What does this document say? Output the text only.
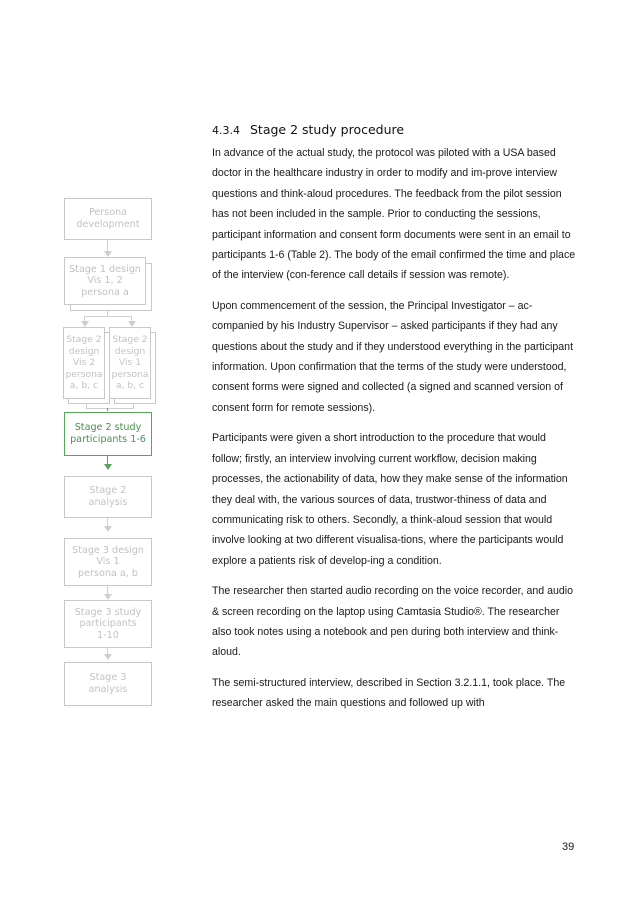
Persona
development
Stage 1 design
Vis 1, 2
persona a
Stage 2
design
Vis 2
persona
a, b, c
Stage 2
design
Vis 1
persona
a, b, c
Stage 2 study
participants 1-6
Stage 2
analysis
Stage 3 design
Vis 1
persona a, b
Stage 3 study
participants
1-10
Stage 3
analysis
4.3.4 Stage 2 study procedure

In advance of the actual study, the protocol was piloted with a USA based doctor in the healthcare industry in order to modify and im-prove interview questions and think-aloud procedures. The feedback from the pilot session has not been included in the sample. Prior to conducting the sessions, participant information and consent form documents were sent in an email to participants 1-6 (Table 2). The body of the email confirmed the time and place of the interview (con-ference call details if session was remote).

Upon commencement of the session, the Principal Investigator – ac-companied by his Industry Supervisor – asked participants if they had any questions about the study and if they understood everything in the participant information. Upon confirmation that the terms of the study were understood, consent forms were signed and collected (a signed and scanned version of consent form for remote sessions).

Participants were given a short introduction to the procedure that would follow; firstly, an interview involving current workflow, decision making processes, the actionability of data, how they make sense of the information they deal with, the various sources of data, trustwor-thiness of data and communicating risk to others. Secondly, a think-aloud session that would involve looking at two different visualisa-tions, where the participants would explore a patients risk of develop-ing a condition.

The researcher then started audio recording on the voice recorder, and audio & screen recording on the laptop using Camtasia Studio®. The researcher also took notes using a notebook and pen during both interview and think-aloud.

The semi-structured interview, described in Section 3.2.1.1, took place. The researcher asked the main questions and followed up with

39
